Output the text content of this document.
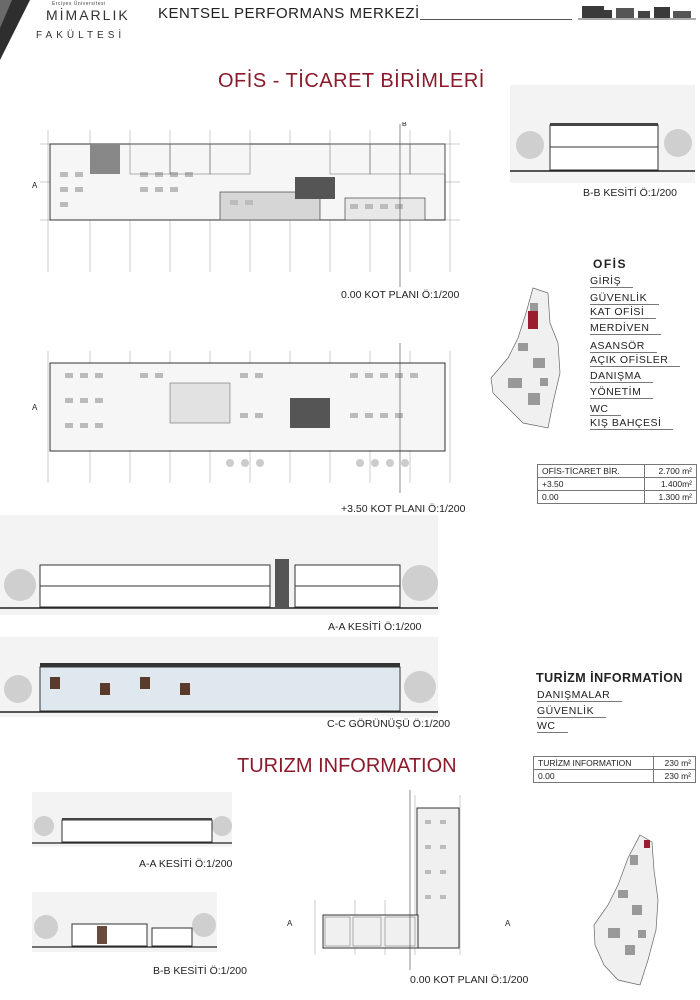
Erciyes Üniversitesi
MİMARLIK
FAKÜLTESİ
KENTSEL PERFORMANS MERKEZİ
OFİS - TİCARET BİRİMLERİ
A
B
0.00 KOT PLANI Ö:1/200
A
+3.50 KOT PLANI Ö:1/200
B-B KESİTİ Ö:1/200
OFİS
GİRİŞ
GÜVENLİK
KAT OFİSİ
MERDİVEN
ASANSÖR
AÇIK OFİSLER
DANIŞMA
YÖNETİM
WC
KIŞ BAHÇESİ
OFİS-TİCARET BİR.	2.700 m²
+3.50	1.400m²
0.00	1.300 m²
A-A KESİTİ Ö:1/200
C-C GÖRÜNÜŞÜ Ö:1/200
TURİZM İNFORMATİON
DANIŞMALAR
GÜVENLİK
WC
TURİZM INFORMATION	230 m²
0.00	230 m²
TURIZM INFORMATION
A-A KESİTİ Ö:1/200
B-B KESİTİ Ö:1/200
A	A
0.00 KOT PLANI Ö:1/200
